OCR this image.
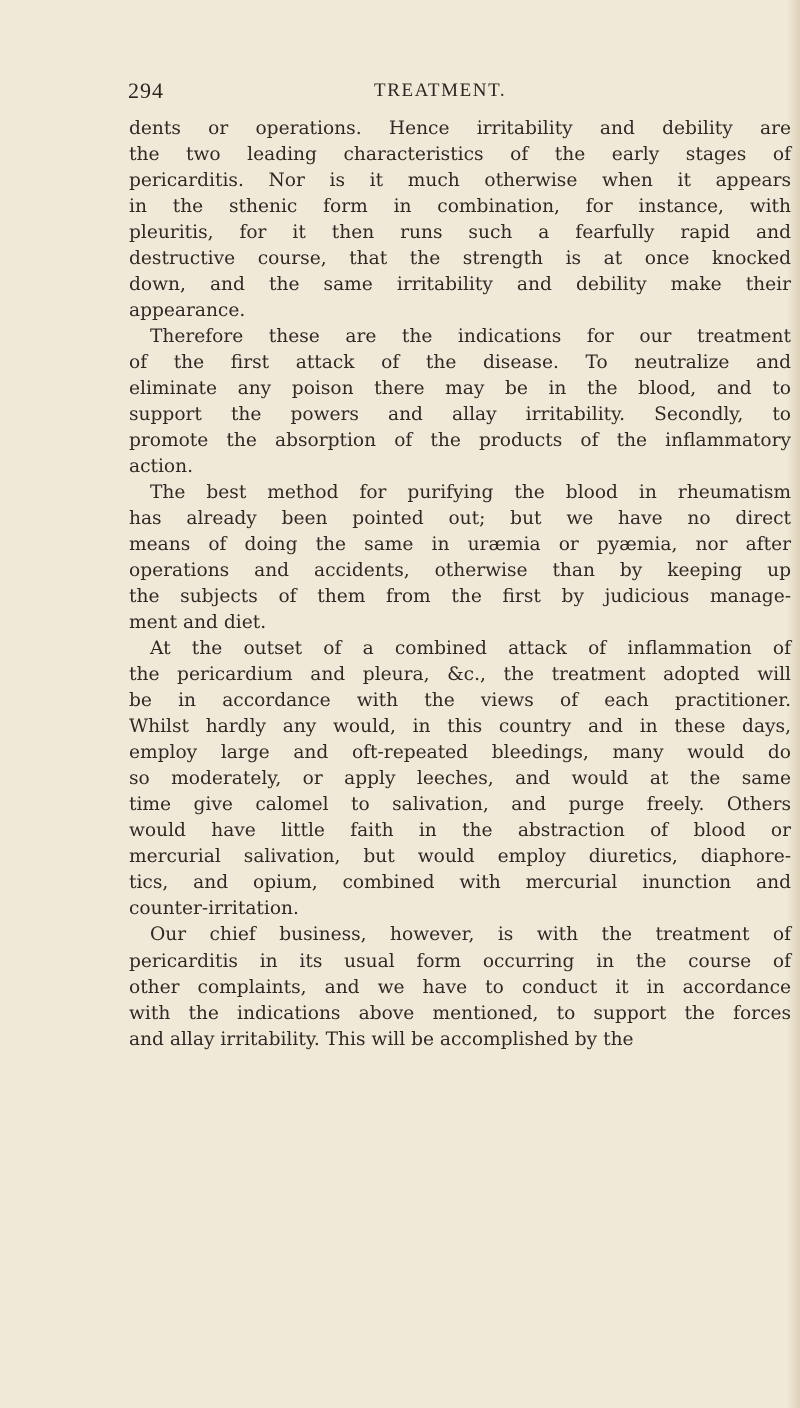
294	TREATMENT.
dents or operations. Hence irritability and debility are
the two leading characteristics of the early stages of
pericarditis. Nor is it much otherwise when it appears
in the sthenic form in combination, for instance, with
pleuritis, for it then runs such a fearfully rapid and
destructive course, that the strength is at once knocked
down, and the same irritability and debility make their
appearance.
Therefore these are the indications for our treatment
of the first attack of the disease. To neutralize and
eliminate any poison there may be in the blood, and to
support the powers and allay irritability. Secondly, to
promote the absorption of the products of the inflammatory
action.
The best method for purifying the blood in rheumatism
has already been pointed out; but we have no direct
means of doing the same in uræmia or pyæmia, nor after
operations and accidents, otherwise than by keeping up
the subjects of them from the first by judicious manage-
ment and diet.
At the outset of a combined attack of inflammation of
the pericardium and pleura, &c., the treatment adopted will
be in accordance with the views of each practitioner.
Whilst hardly any would, in this country and in these days,
employ large and oft-repeated bleedings, many would do
so moderately, or apply leeches, and would at the same
time give calomel to salivation, and purge freely. Others
would have little faith in the abstraction of blood or
mercurial salivation, but would employ diuretics, diaphore-
tics, and opium, combined with mercurial inunction and
counter-irritation.
Our chief business, however, is with the treatment of
pericarditis in its usual form occurring in the course of
other complaints, and we have to conduct it in accordance
with the indications above mentioned, to support the forces
and allay irritability. This will be accomplished by the
